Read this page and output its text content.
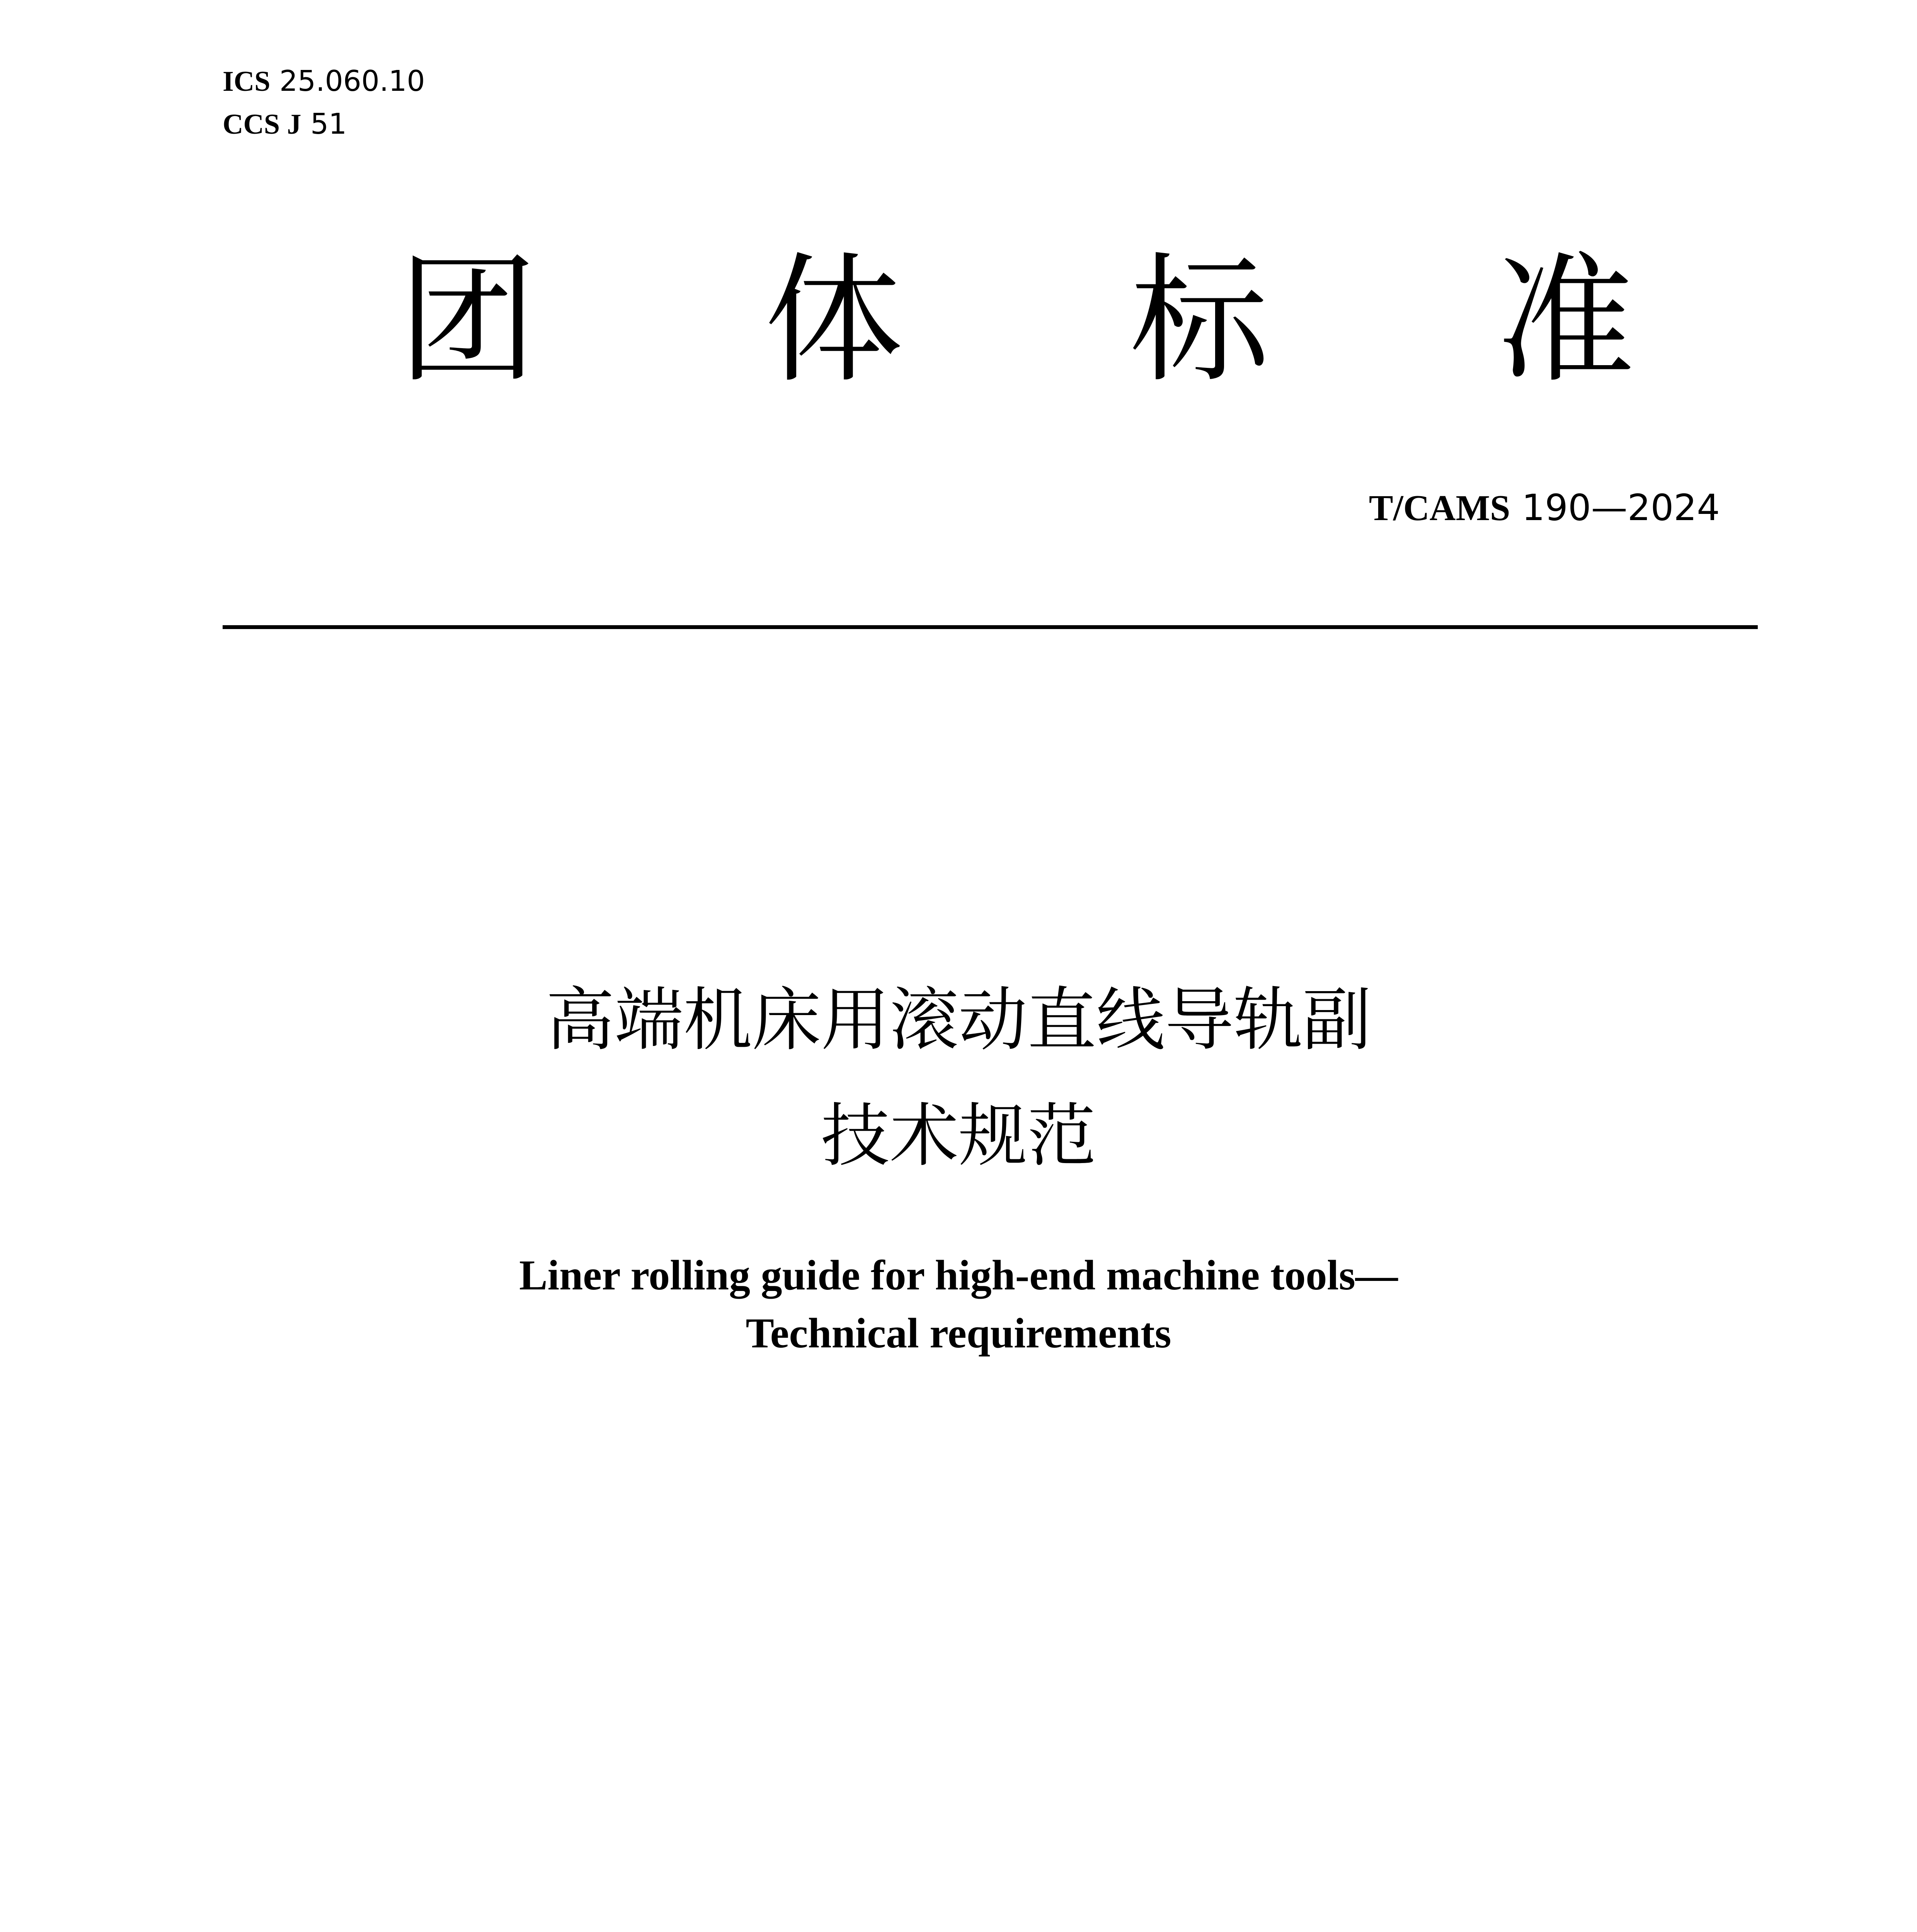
ICS 25.060.10
CCS J 51
团 体 标 准
T/CAMS 190—2024
高端机床用滚动直线导轨副
技术规范
Liner rolling guide for high-end machine tools—
Technical requirements
